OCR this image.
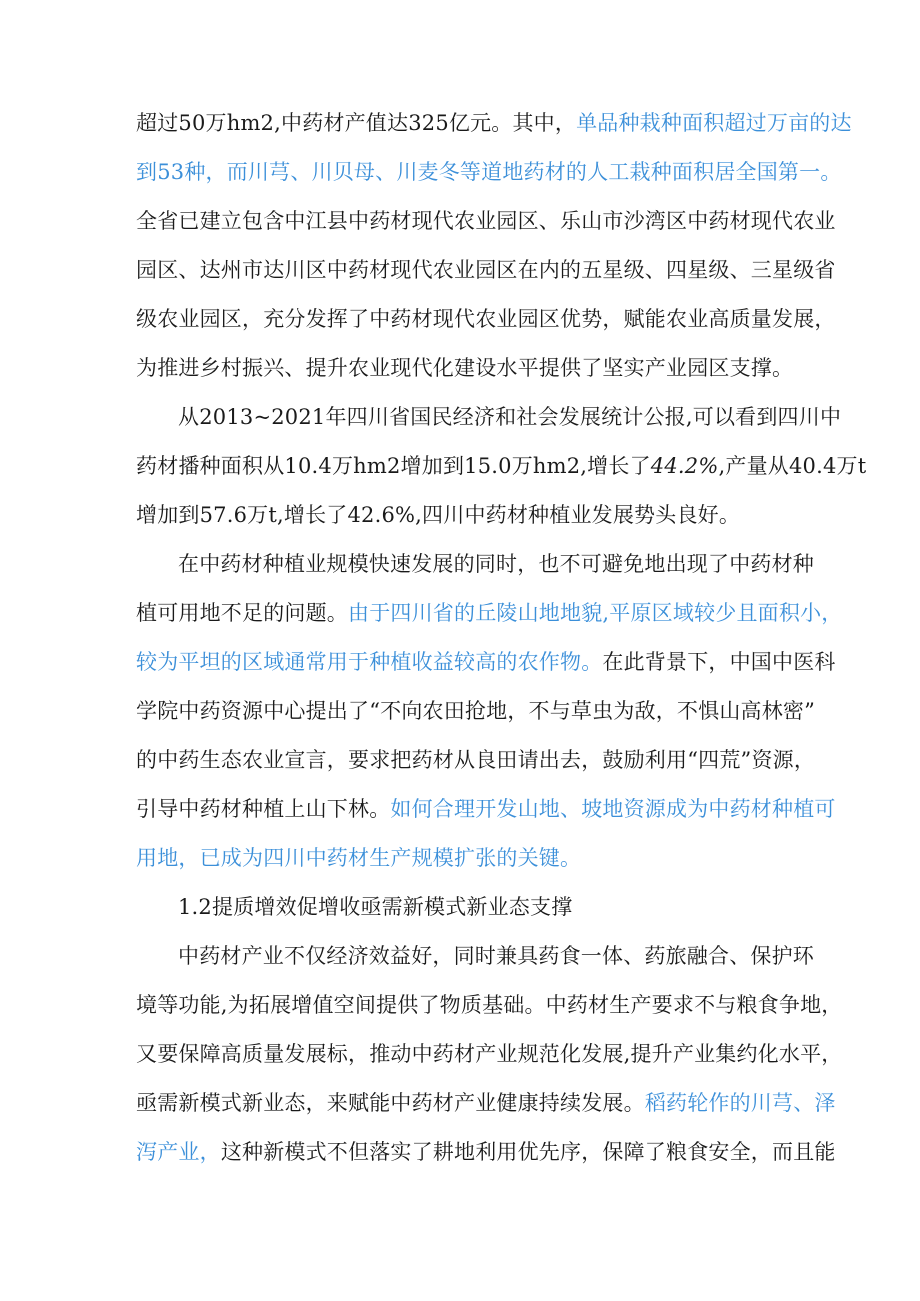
超过50万hm2,中药材产值达325亿元。其中，单品种栽种面积超过万亩的达
到53种，而川芎、川贝母、川麦冬等道地药材的人工栽种面积居全国第一。
全省已建立包含中江县中药材现代农业园区、乐山市沙湾区中药材现代农业
园区、达州市达川区中药材现代农业园区在内的五星级、四星级、三星级省
级农业园区，充分发挥了中药材现代农业园区优势，赋能农业高质量发展，
为推进乡村振兴、提升农业现代化建设水平提供了坚实产业园区支撑。
从2013~2021年四川省国民经济和社会发展统计公报,可以看到四川中
药材播种面积从10.4万hm2增加到15.0万hm2,增长了44.2%,产量从40.4万t
增加到57.6万t,增长了42.6%,四川中药材种植业发展势头良好。
在中药材种植业规模快速发展的同时，也不可避免地出现了中药材种
植可用地不足的问题。由于四川省的丘陵山地地貌,平原区域较少且面积小，
较为平坦的区域通常用于种植收益较高的农作物。在此背景下，中国中医科
学院中药资源中心提出了“不向农田抢地，不与草虫为敌，不惧山高林密”
的中药生态农业宣言，要求把药材从良田请出去，鼓励利用“四荒”资源，
引导中药材种植上山下林。如何合理开发山地、坡地资源成为中药材种植可
用地，已成为四川中药材生产规模扩张的关键。
1.2提质增效促增收亟需新模式新业态支撑
中药材产业不仅经济效益好，同时兼具药食一体、药旅融合、保护环
境等功能,为拓展增值空间提供了物质基础。中药材生产要求不与粮食争地，
又要保障高质量发展标，推动中药材产业规范化发展,提升产业集约化水平，
亟需新模式新业态，来赋能中药材产业健康持续发展。稻药轮作的川芎、泽
泻产业，这种新模式不但落实了耕地利用优先序，保障了粮食安全，而且能
